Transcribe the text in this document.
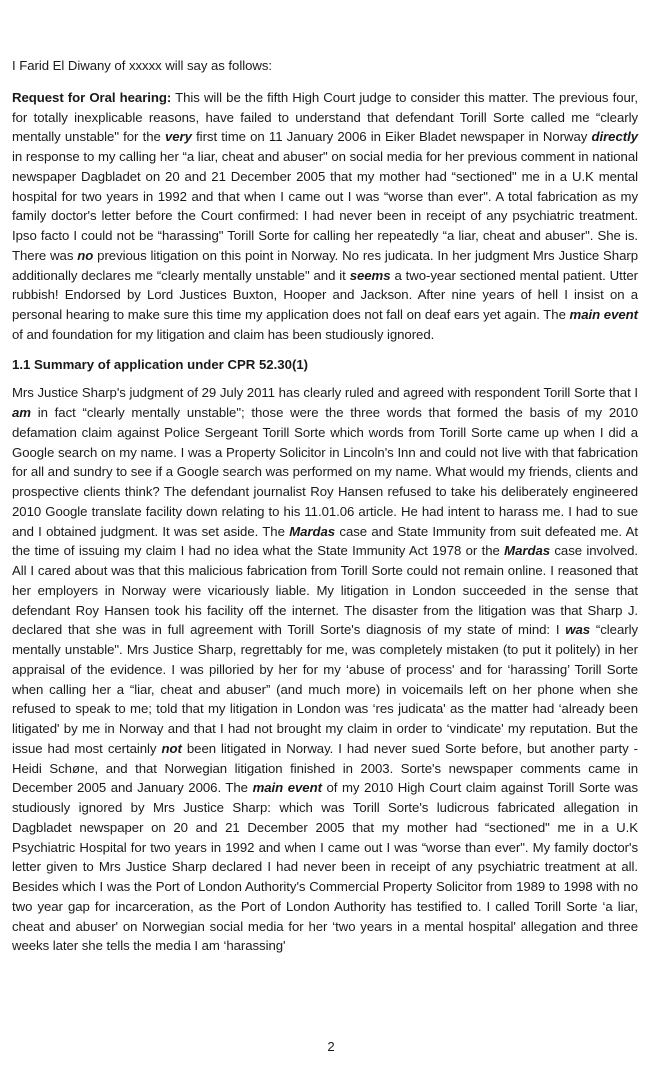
I Farid El Diwany of xxxxx will say as follows:

Request for Oral hearing: This will be the fifth High Court judge to consider this matter. The previous four, for totally inexplicable reasons, have failed to understand that defendant Torill Sorte called me “clearly mentally unstable" for the very first time on 11 January 2006 in Eiker Bladet newspaper in Norway directly in response to my calling her “a liar, cheat and abuser" on social media for her previous comment in national newspaper Dagbladet on 20 and 21 December 2005 that my mother had “sectioned" me in a U.K mental hospital for two years in 1992 and that when I came out I was “worse than ever". A total fabrication as my family doctor's letter before the Court confirmed: I had never been in receipt of any psychiatric treatment. Ipso facto I could not be “harassing" Torill Sorte for calling her repeatedly “a liar, cheat and abuser". She is. There was no previous litigation on this point in Norway. No res judicata. In her judgment Mrs Justice Sharp additionally declares me “clearly mentally unstable" and it seems a two-year sectioned mental patient. Utter rubbish! Endorsed by Lord Justices Buxton, Hooper and Jackson. After nine years of hell I insist on a personal hearing to make sure this time my application does not fall on deaf ears yet again. The main event of and foundation for my litigation and claim has been studiously ignored.

1.1 Summary of application under CPR 52.30(1)

Mrs Justice Sharp's judgment of 29 July 2011 has clearly ruled and agreed with respondent Torill Sorte that I am in fact “clearly mentally unstable"; those were the three words that formed the basis of my 2010 defamation claim against Police Sergeant Torill Sorte which words from Torill Sorte came up when I did a Google search on my name. I was a Property Solicitor in Lincoln's Inn and could not live with that fabrication for all and sundry to see if a Google search was performed on my name. What would my friends, clients and prospective clients think? The defendant journalist Roy Hansen refused to take his deliberately engineered 2010 Google translate facility down relating to his 11.01.06 article. He had intent to harass me. I had to sue and I obtained judgment. It was set aside. The Mardas case and State Immunity from suit defeated me. At the time of issuing my claim I had no idea what the State Immunity Act 1978 or the Mardas case involved. All I cared about was that this malicious fabrication from Torill Sorte could not remain online. I reasoned that her employers in Norway were vicariously liable. My litigation in London succeeded in the sense that defendant Roy Hansen took his facility off the internet. The disaster from the litigation was that Sharp J. declared that she was in full agreement with Torill Sorte's diagnosis of my state of mind: I was “clearly mentally unstable". Mrs Justice Sharp, regrettably for me, was completely mistaken (to put it politely) in her appraisal of the evidence. I was pilloried by her for my ‘abuse of process' and for ‘harassing’ Torill Sorte when calling her a “liar, cheat and abuser” (and much more) in voicemails left on her phone when she refused to speak to me; told that my litigation in London was ‘res judicata' as the matter had ‘already been litigated' by me in Norway and that I had not brought my claim in order to ‘vindicate' my reputation. But the issue had most certainly not been litigated in Norway. I had never sued Sorte before, but another party - Heidi Schøne, and that Norwegian litigation finished in 2003. Sorte's newspaper comments came in December 2005 and January 2006. The main event of my 2010 High Court claim against Torill Sorte was studiously ignored by Mrs Justice Sharp: which was Torill Sorte's ludicrous fabricated allegation in Dagbladet newspaper on 20 and 21 December 2005 that my mother had “sectioned" me in a U.K Psychiatric Hospital for two years in 1992 and when I came out I was “worse than ever". My family doctor's letter given to Mrs Justice Sharp declared I had never been in receipt of any psychiatric treatment at all. Besides which I was the Port of London Authority's Commercial Property Solicitor from 1989 to 1998 with no two year gap for incarceration, as the Port of London Authority has testified to. I called Torill Sorte ‘a liar, cheat and abuser' on Norwegian social media for her ‘two years in a mental hospital' allegation and three weeks later she tells the media I am ‘harassing'

2
